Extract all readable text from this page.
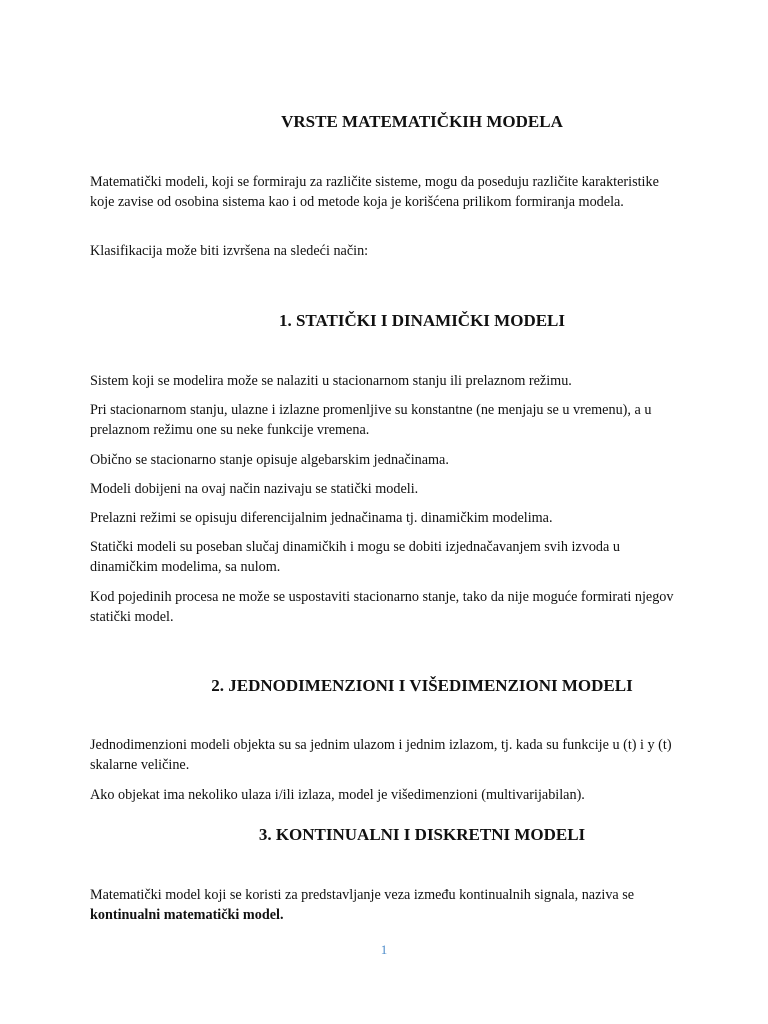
VRSTE MATEMATIČKIH MODELA

Matematički modeli, koji se formiraju za različite sisteme, mogu da poseduju različite karakteristike koje zavise od osobina sistema kao i od metode koja je korišćena prilikom formiranja modela.

Klasifikacija može biti izvršena na sledeći način:

1. STATIČKI I DINAMIČKI MODELI

Sistem koji se modelira može se nalaziti u stacionarnom stanju ili prelaznom režimu.

Pri stacionarnom stanju, ulazne i izlazne promenljive su konstantne (ne menjaju se u vremenu), a u prelaznom režimu one su neke funkcije vremena.

Obično se stacionarno stanje opisuje algebarskim jednačinama.

Modeli dobijeni na ovaj način nazivaju se statički modeli.

Prelazni režimi se opisuju diferencijalnim jednačinama tj. dinamičkim modelima.

Statički modeli su poseban slučaj dinamičkih i mogu se dobiti izjednačavanjem svih izvoda u dinamičkim modelima, sa nulom.

Kod pojedinih procesa ne može se uspostaviti stacionarno stanje, tako da nije moguće formirati njegov statički model.

2. JEDNODIMENZIONI I VIŠEDIMENZIONI MODELI

Jednodimenzioni modeli objekta su sa jednim ulazom i jednim izlazom, tj. kada su funkcije u (t) i y (t) skalarne veličine.

Ako objekat ima nekoliko ulaza i/ili izlaza, model je višedimenzioni (multivarijabilan).

3. KONTINUALNI I DISKRETNI MODELI

Matematički model koji se koristi za predstavljanje veza između kontinualnih signala, naziva se kontinualni matematički model.

1
